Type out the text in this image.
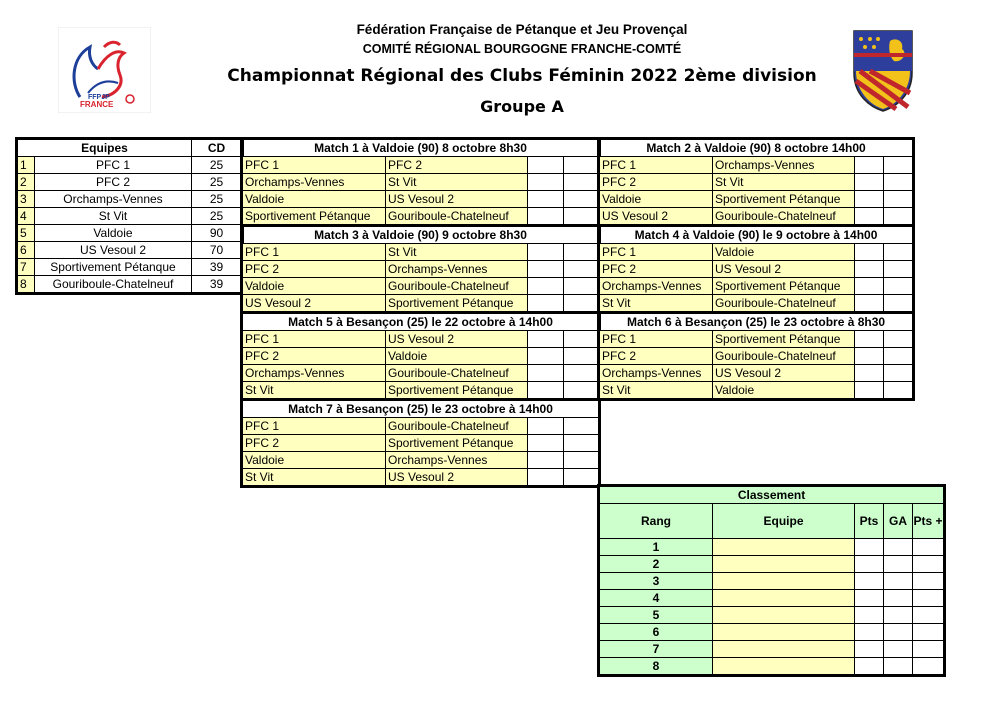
Fédération Française de Pétanque et Jeu Provençal
COMITÉ RÉGIONAL BOURGOGNE FRANCHE-COMTÉ
Championnat Régional des Clubs Féminin 2022 2ème division
Groupe A
FFPJP
FRANCE
Equipes		CD
1	PFC 1	25
2	PFC 2	25
3	Orchamps-Vennes	25
4	St Vit	25
5	Valdoie	90
6	US Vesoul 2	70
7	Sportivement Pétanque	39
8	Gouriboule-Chatelneuf	39
Match 1 à Valdoie (90) 8 octobre 8h30			
PFC 1	PFC 2		
Orchamps-Vennes	St Vit		
Valdoie	US Vesoul 2		
Sportivement Pétanque	Gouriboule-Chatelneuf		
Match 2 à Valdoie (90) 8 octobre 14h00			
PFC 1	Orchamps-Vennes		
PFC 2	St Vit		
Valdoie	Sportivement Pétanque		
US Vesoul 2	Gouriboule-Chatelneuf		
Match 3 à Valdoie (90) 9 octobre 8h30			
PFC 1	St Vit		
PFC 2	Orchamps-Vennes		
Valdoie	Gouriboule-Chatelneuf		
US Vesoul 2	Sportivement Pétanque		
Match 4 à Valdoie (90) le 9 octobre à 14h00			
PFC 1	Valdoie		
PFC 2	US Vesoul 2		
Orchamps-Vennes	Sportivement Pétanque		
St Vit	Gouriboule-Chatelneuf		
Match 5 à Besançon (25) le 22 octobre à 14h00			
PFC 1	US Vesoul 2		
PFC 2	Valdoie		
Orchamps-Vennes	Gouriboule-Chatelneuf		
St Vit	Sportivement Pétanque		
Match 6 à Besançon (25) le 23 octobre à 8h30			
PFC 1	Sportivement Pétanque		
PFC 2	Gouriboule-Chatelneuf		
Orchamps-Vennes	US Vesoul 2		
St Vit	Valdoie		
Match 7 à Besançon (25) le 23 octobre à 14h00			
PFC 1	Gouriboule-Chatelneuf		
PFC 2	Sportivement Pétanque		
Valdoie	Orchamps-Vennes		
St Vit	US Vesoul 2		
Classement				
Rang	Equipe	Pts	GA	Pts +
1				
2				
3				
4				
5				
6				
7				
8				
